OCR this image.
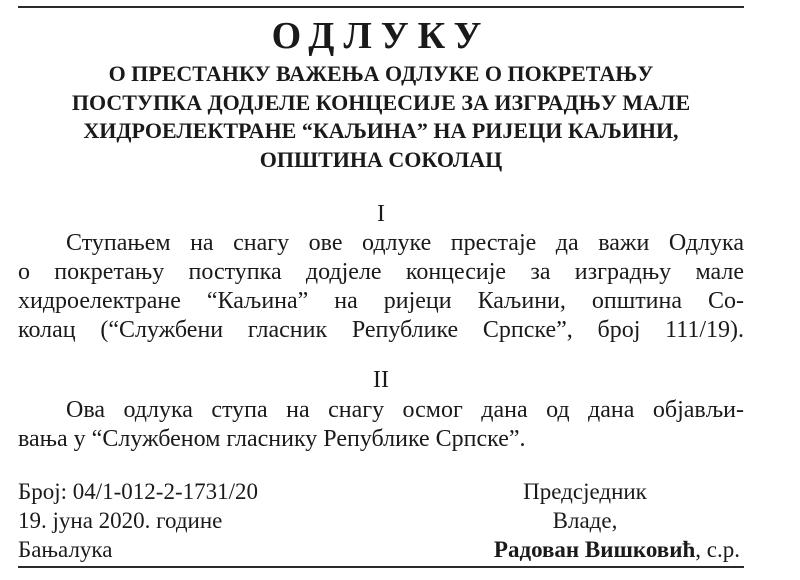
ОДЛУКУ
О ПРЕСТАНКУ ВАЖЕЊА ОДЛУКЕ О ПОКРЕТАЊУ
ПОСТУПКА ДОДЈЕЛЕ КОНЦЕСИЈЕ ЗА ИЗГРАДЊУ МАЛЕ
ХИДРОЕЛЕКТРАНЕ “КАЉИНА” НА РИЈЕЦИ КАЉИНИ,
ОПШТИНА СОКОЛАЦ
I
Ступањем на снагу ове одлуке престаје да важи Одлука
о покретању поступка додјеле концесије за изградњу мале
хидроелектране “Каљина” на ријеци Каљини, општина Со-
колац (“Службени гласник Републике Српске”, број 111/19).
II
Ова одлука ступа на снагу осмог дана од дана објављи-
вања у “Службеном гласнику Републике Српске”.
Број: 04/1-012-2-1731/20
19. јуна 2020. године
Бањалука
Предсједник
Владе,
Радован Вишковић, с.р.
